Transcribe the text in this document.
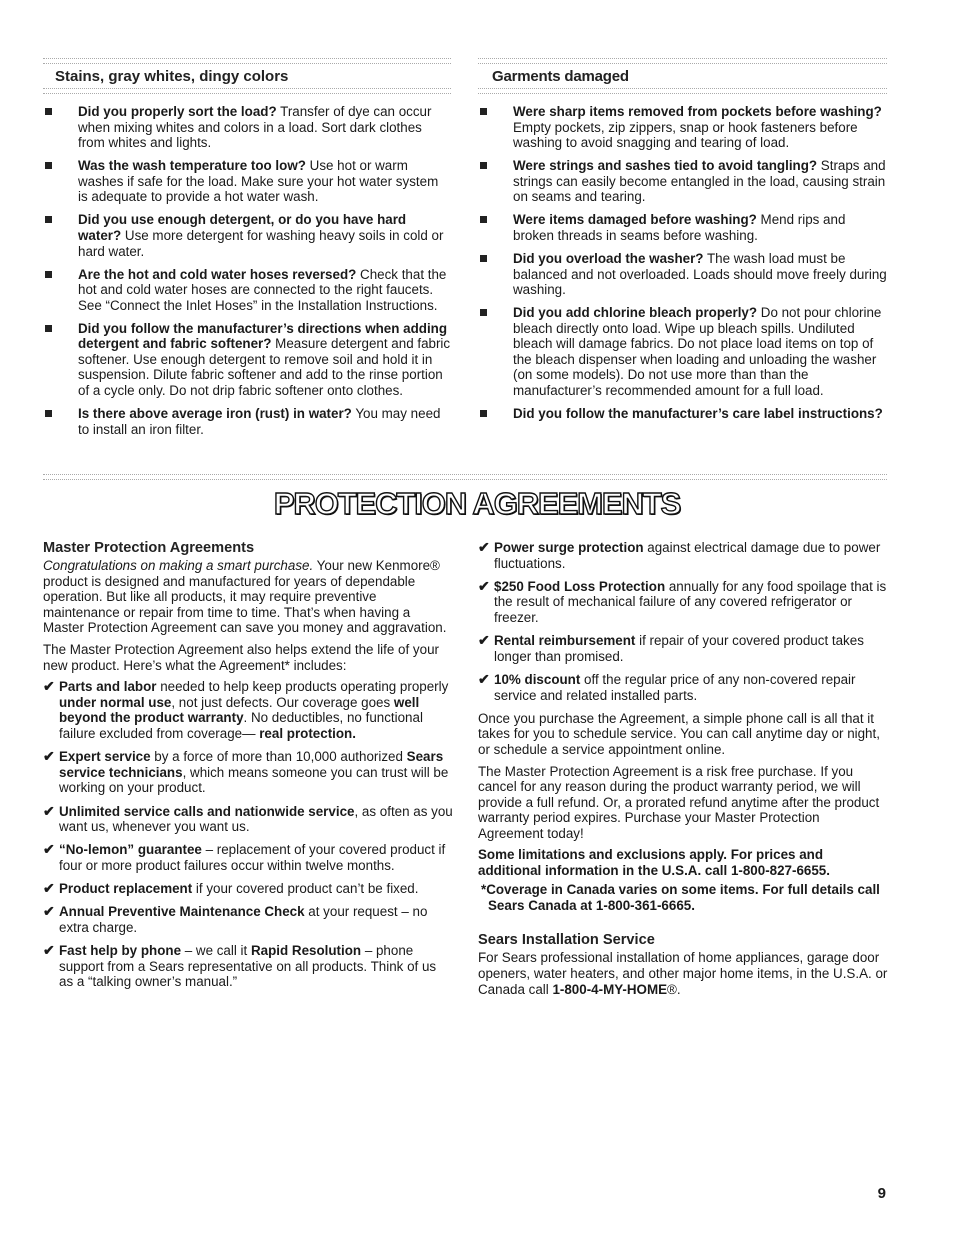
Stains, gray whites, dingy colors
Did you properly sort the load? Transfer of dye can occur when mixing whites and colors in a load. Sort dark clothes from whites and lights.
Was the wash temperature too low? Use hot or warm washes if safe for the load. Make sure your hot water system is adequate to provide a hot water wash.
Did you use enough detergent, or do you have hard water? Use more detergent for washing heavy soils in cold or hard water.
Are the hot and cold water hoses reversed? Check that the hot and cold water hoses are connected to the right faucets. See “Connect the Inlet Hoses” in the Installation Instructions.
Did you follow the manufacturer’s directions when adding detergent and fabric softener? Measure detergent and fabric softener. Use enough detergent to remove soil and hold it in suspension. Dilute fabric softener and add to the rinse portion of a cycle only. Do not drip fabric softener onto clothes.
Is there above average iron (rust) in water? You may need to install an iron filter.
Garments damaged
Were sharp items removed from pockets before washing? Empty pockets, zip zippers, snap or hook fasteners before washing to avoid snagging and tearing of load.
Were strings and sashes tied to avoid tangling? Straps and strings can easily become entangled in the load, causing strain on seams and tearing.
Were items damaged before washing? Mend rips and broken threads in seams before washing.
Did you overload the washer? The wash load must be balanced and not overloaded. Loads should move freely during washing.
Did you add chlorine bleach properly? Do not pour chlorine bleach directly onto load. Wipe up bleach spills. Undiluted bleach will damage fabrics. Do not place load items on top of the bleach dispenser when loading and unloading the washer (on some models). Do not use more than than the manufacturer’s recommended amount for a full load.
Did you follow the manufacturer’s care label instructions?
PROTECTION AGREEMENTS
Master Protection Agreements

Congratulations on making a smart purchase. Your new Kenmore® product is designed and manufactured for years of dependable operation. But like all products, it may require preventive maintenance or repair from time to time. That’s when having a Master Protection Agreement can save you money and aggravation.

The Master Protection Agreement also helps extend the life of your new product. Here’s what the Agreement* includes:

✔ Parts and labor needed to help keep products operating properly under normal use, not just defects. Our coverage goes well beyond the product warranty. No deductibles, no functional failure excluded from coverage— real protection.
✔ Expert service by a force of more than 10,000 authorized Sears service technicians, which means someone you can trust will be working on your product.
✔ Unlimited service calls and nationwide service, as often as you want us, whenever you want us.
✔ “No-lemon” guarantee – replacement of your covered product if four or more product failures occur within twelve months.
✔ Product replacement if your covered product can’t be fixed.
✔ Annual Preventive Maintenance Check at your request – no extra charge.
✔ Fast help by phone – we call it Rapid Resolution – phone support from a Sears representative on all products. Think of us as a “talking owner’s manual.”
✔ Power surge protection against electrical damage due to power fluctuations.
✔ $250 Food Loss Protection annually for any food spoilage that is the result of mechanical failure of any covered refrigerator or freezer.
✔ Rental reimbursement if repair of your covered product takes longer than promised.
✔ 10% discount off the regular price of any non-covered repair service and related installed parts.

Once you purchase the Agreement, a simple phone call is all that it takes for you to schedule service. You can call anytime day or night, or schedule a service appointment online.

The Master Protection Agreement is a risk free purchase. If you cancel for any reason during the product warranty period, we will provide a full refund. Or, a prorated refund anytime after the product warranty period expires. Purchase your Master Protection Agreement today!

Some limitations and exclusions apply. For prices and additional information in the U.S.A. call 1-800-827-6655.

*Coverage in Canada varies on some items. For full details call Sears Canada at 1-800-361-6665.

Sears Installation Service

For Sears professional installation of home appliances, garage door openers, water heaters, and other major home items, in the U.S.A. or Canada call 1-800-4-MY-HOME®.

9
